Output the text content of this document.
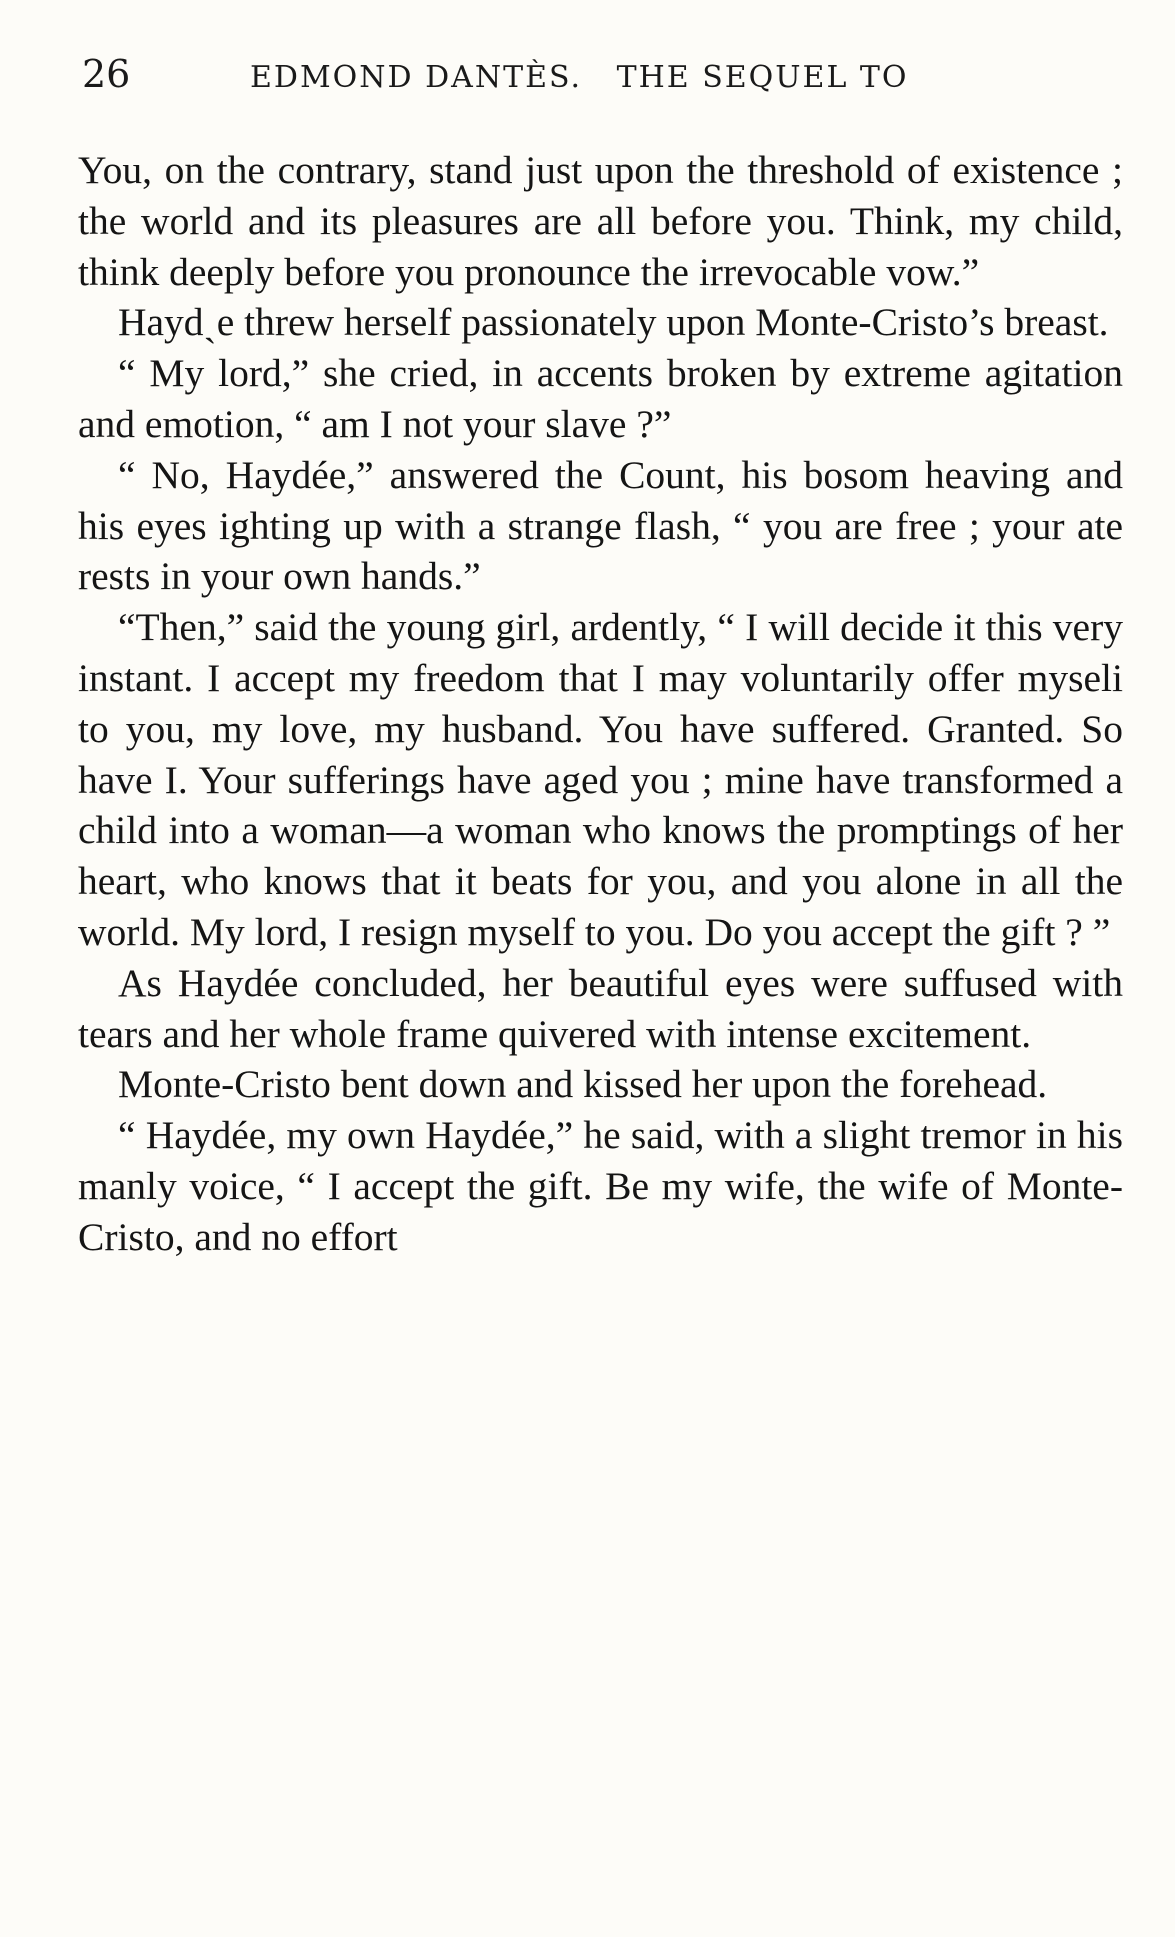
26	EDMOND DANTÈS.   THE SEQUEL TO

You, on the contrary, stand just upon the threshold of existence ; the world and its pleasures are all before you. Think, my child, think deeply before you pronounce the irrevocable vow.”

Haydˎe threw herself passionately upon Monte-Cristo’s breast.

“ My lord,” she cried, in accents broken by extreme agitation and emotion, “ am I not your slave ?”

“ No, Haydée,” answered the Count, his bosom heaving and his eyes ighting up with a strange flash, “ you are free ; your ate rests in your own hands.”

“Then,” said the young girl, ardently, “ I will decide it this very instant. I accept my freedom that I may voluntarily offer myseli to you, my love, my husband. You have suffered. Granted. So have I. Your sufferings have aged you ; mine have transformed a child into a woman—a woman who knows the promptings of her heart, who knows that it beats for you, and you alone in all the world. My lord, I resign myself to you. Do you accept the gift ? ”

As Haydée concluded, her beautiful eyes were suffused with tears and her whole frame quivered with intense excitement.

Monte-Cristo bent down and kissed her upon the forehead.

“ Haydée, my own Haydée,” he said, with a slight tremor in his manly voice, “ I accept the gift. Be my wife, the wife of Monte-Cristo, and no effort
